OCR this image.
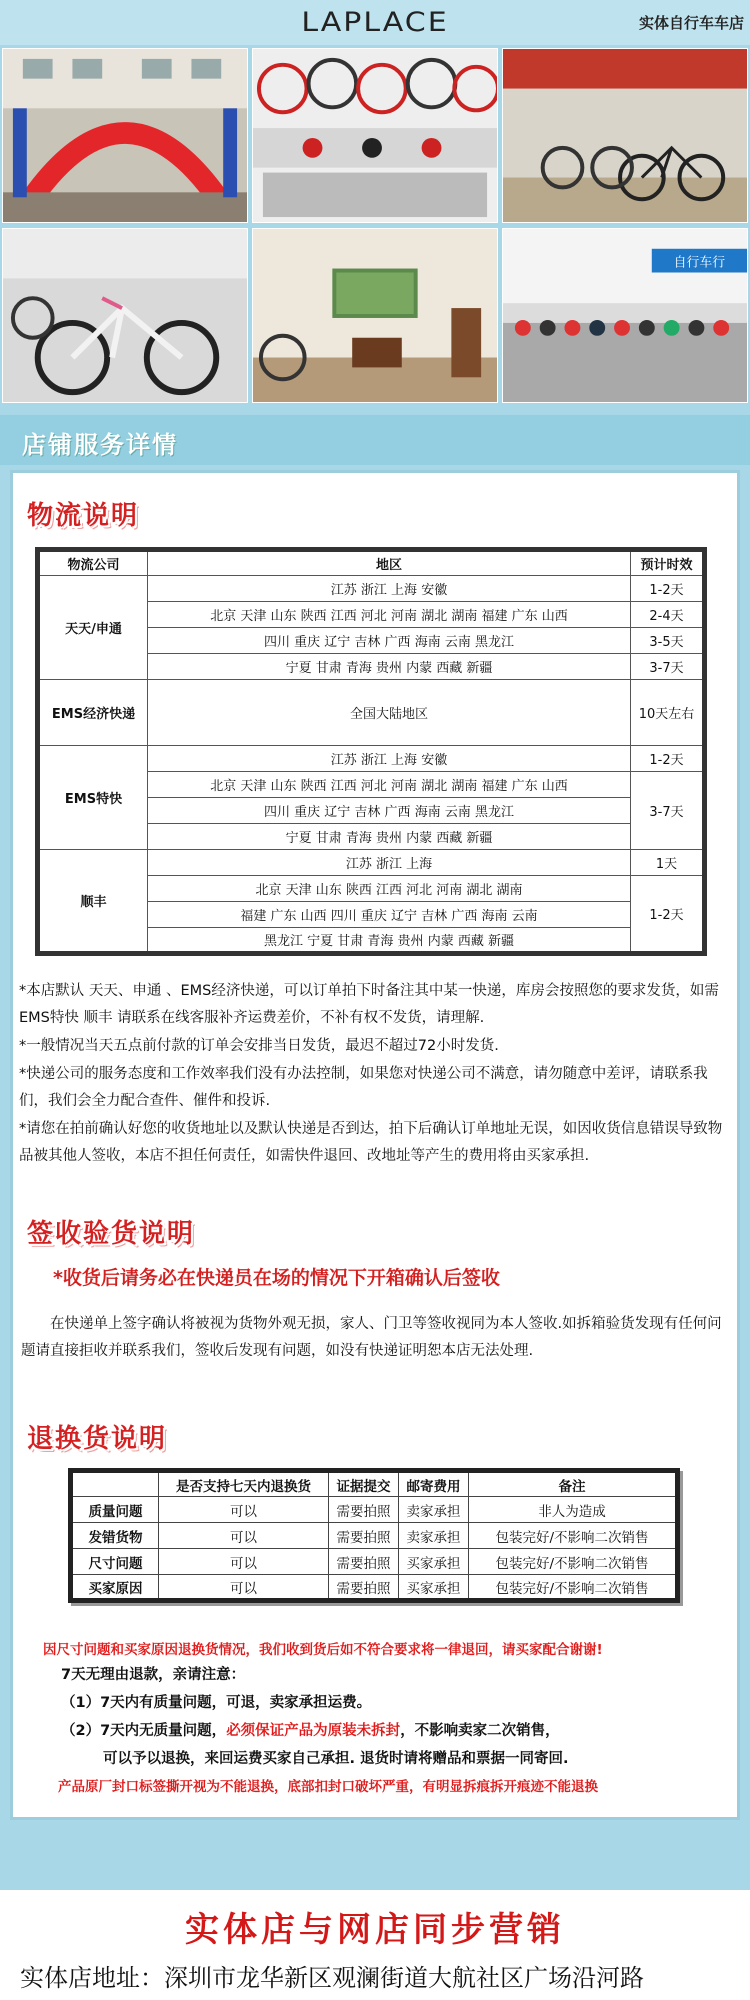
LAPLACE	实体自行车车店
自行车行
店铺服务详情
物流说明
物流公司	地区	预计时效
天天/申通	江苏 浙江 上海 安徽	1-2天
	北京 天津 山东 陕西 江西 河北 河南 湖北 湖南 福建 广东 山西	2-4天
	四川 重庆 辽宁 吉林 广西 海南 云南 黑龙江	3-5天
	宁夏 甘肃 青海 贵州 内蒙 西藏 新疆	3-7天
EMS经济快递	全国大陆地区	10天左右
EMS特快	江苏 浙江 上海 安徽	1-2天
	北京 天津 山东 陕西 江西 河北 河南 湖北 湖南 福建 广东 山西	3-7天
	四川 重庆 辽宁 吉林 广西 海南 云南 黑龙江	
	宁夏 甘肃 青海 贵州 内蒙 西藏 新疆	
顺丰	江苏 浙江 上海	1天
	北京 天津 山东 陕西 江西 河北 河南 湖北 湖南	1-2天
	福建 广东 山西 四川 重庆 辽宁 吉林 广西 海南 云南	
	黑龙江 宁夏 甘肃 青海 贵州 内蒙 西藏 新疆	
*本店默认 天天、申通 、EMS经济快递，可以订单拍下时备注其中某一快递，库房会按照您的要求发货，如需EMS特快 顺丰 请联系在线客服补齐运费差价，不补有权不发货，请理解.
*一般情况当天五点前付款的订单会安排当日发货，最迟不超过72小时发货.
*快递公司的服务态度和工作效率我们没有办法控制，如果您对快递公司不满意，请勿随意中差评，请联系我们，我们会全力配合查件、催件和投诉.
*请您在拍前确认好您的收货地址以及默认快递是否到达，拍下后确认订单地址无误，如因收货信息错误导致物品被其他人签收，本店不担任何责任，如需快件退回、改地址等产生的费用将由买家承担.
签收验货说明
*收货后请务必在快递员在场的情况下开箱确认后签收
在快递单上签字确认将被视为货物外观无损，家人、门卫等签收视同为本人签收.如拆箱验货发现有任何问题请直接拒收并联系我们，签收后发现有问题，如没有快递证明恕本店无法处理.
退换货说明
	是否支持七天内退换货	证据提交	邮寄费用	备注
质量问题	可以	需要拍照	卖家承担	非人为造成
发错货物	可以	需要拍照	卖家承担	包装完好/不影响二次销售
尺寸问题	可以	需要拍照	买家承担	包装完好/不影响二次销售
买家原因	可以	需要拍照	买家承担	包装完好/不影响二次销售
因尺寸问题和买家原因退换货情况，我们收到货后如不符合要求将一律退回，请买家配合谢谢!
7天无理由退款，亲请注意：
（1）7天内有质量问题，可退，卖家承担运费。
（2）7天内无质量问题，必须保证产品为原装未拆封，不影响卖家二次销售，
可以予以退换，来回运费买家自己承担. 退货时请将赠品和票据一同寄回.
产品原厂封口标签撕开视为不能退换，底部扣封口破坏严重，有明显拆痕拆开痕迹不能退换
实体店与网店同步营销
实体店地址：深圳市龙华新区观澜街道大航社区广场沿河路
